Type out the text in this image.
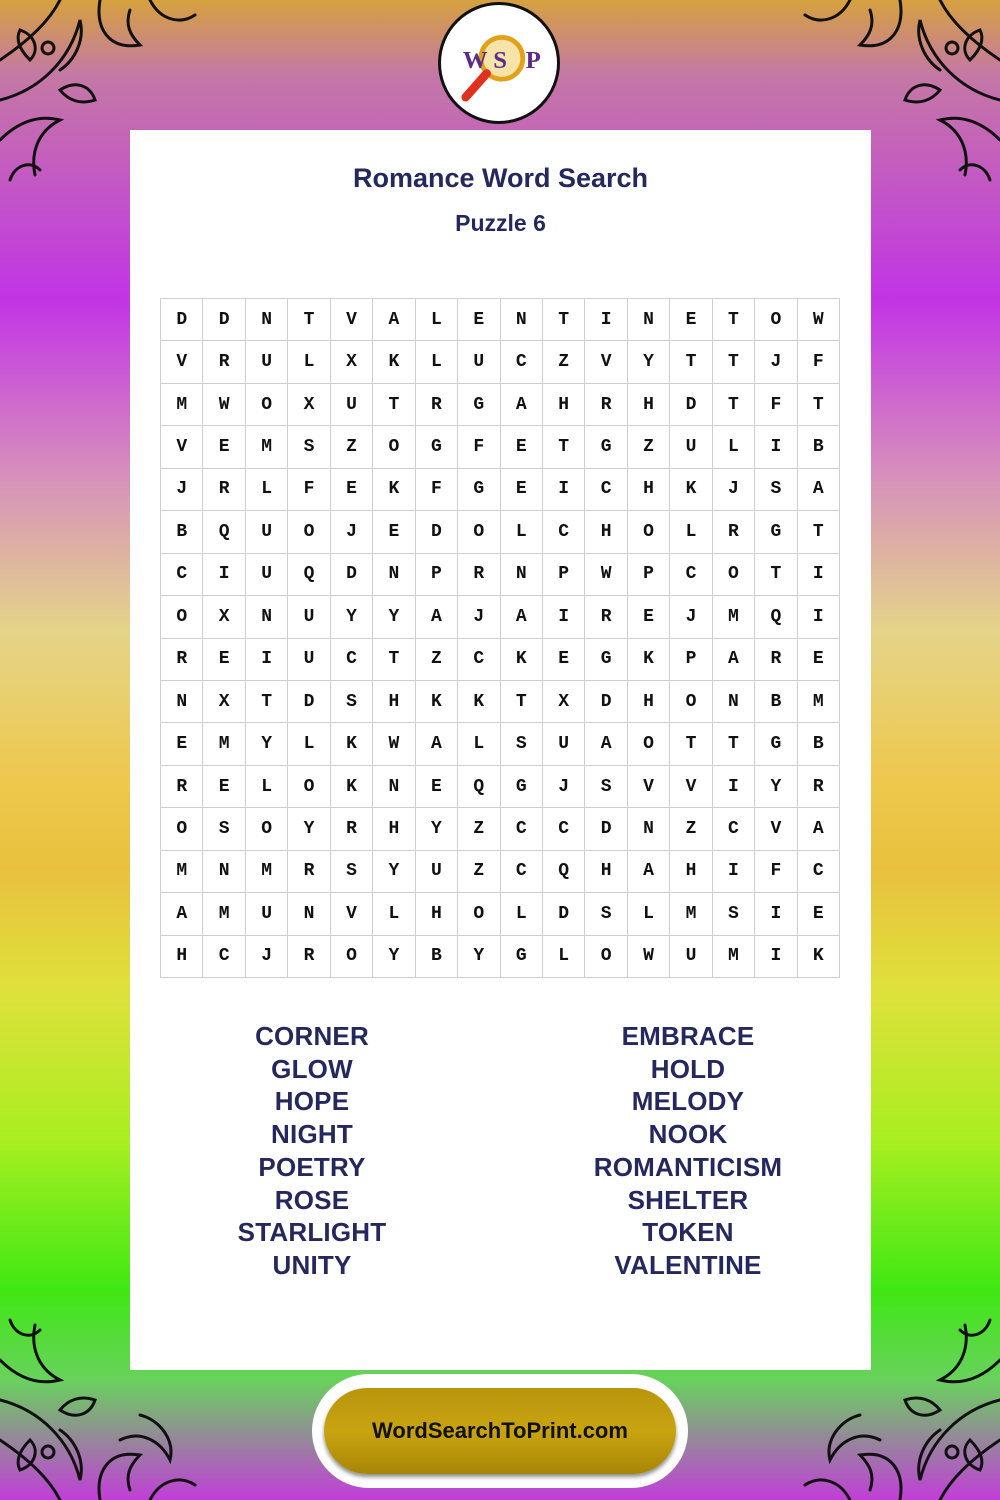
W S P
Romance Word Search
Puzzle 6
D	D	N	T	V	A	L	E	N	T	I	N	E	T	O	W
V	R	U	L	X	K	L	U	C	Z	V	Y	T	T	J	F
M	W	O	X	U	T	R	G	A	H	R	H	D	T	F	T
V	E	M	S	Z	O	G	F	E	T	G	Z	U	L	I	B
J	R	L	F	E	K	F	G	E	I	C	H	K	J	S	A
B	Q	U	O	J	E	D	O	L	C	H	O	L	R	G	T
C	I	U	Q	D	N	P	R	N	P	W	P	C	O	T	I
O	X	N	U	Y	Y	A	J	A	I	R	E	J	M	Q	I
R	E	I	U	C	T	Z	C	K	E	G	K	P	A	R	E
N	X	T	D	S	H	K	K	T	X	D	H	O	N	B	M
E	M	Y	L	K	W	A	L	S	U	A	O	T	T	G	B
R	E	L	O	K	N	E	Q	G	J	S	V	V	I	Y	R
O	S	O	Y	R	H	Y	Z	C	C	D	N	Z	C	V	A
M	N	M	R	S	Y	U	Z	C	Q	H	A	H	I	F	C
A	M	U	N	V	L	H	O	L	D	S	L	M	S	I	E
H	C	J	R	O	Y	B	Y	G	L	O	W	U	M	I	K
CORNER
GLOW
HOPE
NIGHT
POETRY
ROSE
STARLIGHT
UNITY
EMBRACE
HOLD
MELODY
NOOK
ROMANTICISM
SHELTER
TOKEN
VALENTINE
WordSearchToPrint.com
